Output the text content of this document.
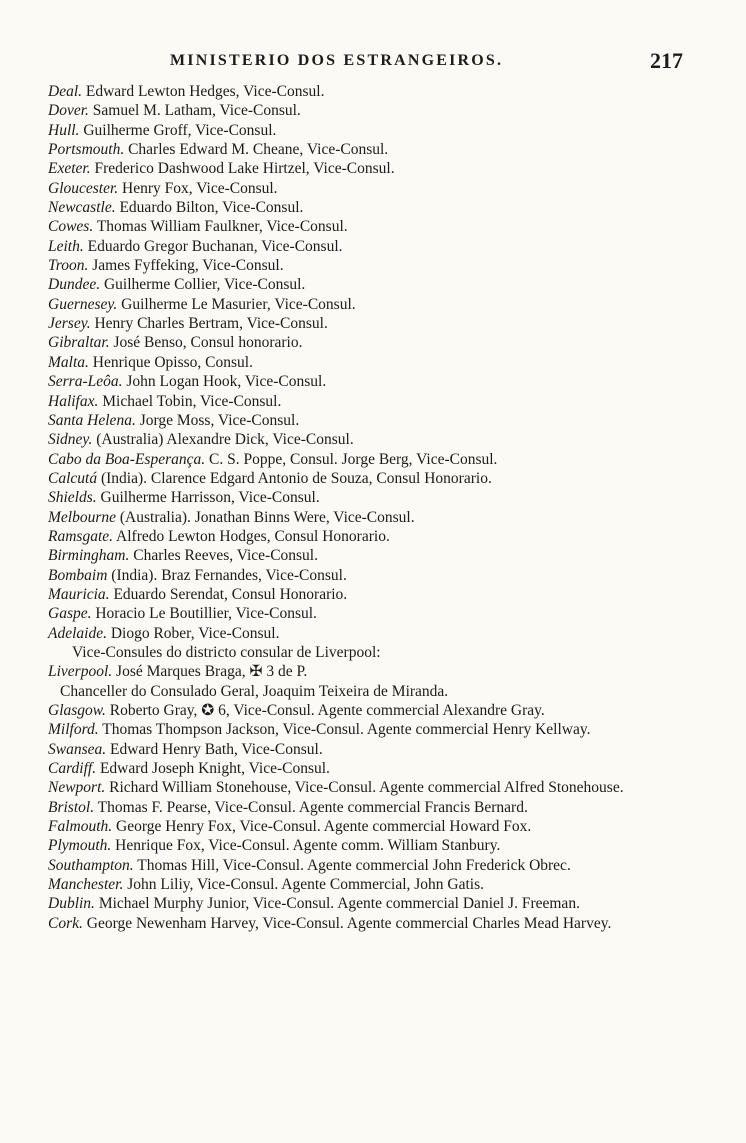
MINISTERIO DOS ESTRANGEIROS.	217
Deal. Edward Lewton Hedges, Vice-Consul.
Dover. Samuel M. Latham, Vice-Consul.
Hull. Guilherme Groff, Vice-Consul.
Portsmouth. Charles Edward M. Cheane, Vice-Consul.
Exeter. Frederico Dashwood Lake Hirtzel, Vice-Consul.
Gloucester. Henry Fox, Vice-Consul.
Newcastle. Eduardo Bilton, Vice-Consul.
Cowes. Thomas William Faulkner, Vice-Consul.
Leith. Eduardo Gregor Buchanan, Vice-Consul.
Troon. James Fyffeking, Vice-Consul.
Dundee. Guilherme Collier, Vice-Consul.
Guernesey. Guilherme Le Masurier, Vice-Consul.
Jersey. Henry Charles Bertram, Vice-Consul.
Gibraltar. José Benso, Consul honorario.
Malta. Henrique Opisso, Consul.
Serra-Leôa. John Logan Hook, Vice-Consul.
Halifax. Michael Tobin, Vice-Consul.
Santa Helena. Jorge Moss, Vice-Consul.
Sidney. (Australia) Alexandre Dick, Vice-Consul.
Cabo da Boa-Esperança. C. S. Poppe, Consul. Jorge Berg, Vice-Consul.
Calcutá (India). Clarence Edgard Antonio de Souza, Consul Honorario.
Shields. Guilherme Harrisson, Vice-Consul.
Melbourne (Australia). Jonathan Binns Were, Vice-Consul.
Ramsgate. Alfredo Lewton Hodges, Consul Honorario.
Birmingham. Charles Reeves, Vice-Consul.
Bombaim (India). Braz Fernandes, Vice-Consul.
Mauricia. Eduardo Serendat, Consul Honorario.
Gaspe. Horacio Le Boutillier, Vice-Consul.
Adelaide. Diogo Rober, Vice-Consul.
Vice-Consules do districto consular de Liverpool:
Liverpool. José Marques Braga, ✠ 3 de P.
Chanceller do Consulado Geral, Joaquim Teixeira de Miranda.
Glasgow. Roberto Gray, ✪ 6, Vice-Consul. Agente commercial Alexandre Gray.
Milford. Thomas Thompson Jackson, Vice-Consul. Agente commercial Henry Kellway.
Swansea. Edward Henry Bath, Vice-Consul.
Cardiff. Edward Joseph Knight, Vice-Consul.
Newport. Richard William Stonehouse, Vice-Consul. Agente commercial Alfred Stonehouse.
Bristol. Thomas F. Pearse, Vice-Consul. Agente commercial Francis Bernard.
Falmouth. George Henry Fox, Vice-Consul. Agente commercial Howard Fox.
Plymouth. Henrique Fox, Vice-Consul. Agente comm. William Stanbury.
Southampton. Thomas Hill, Vice-Consul. Agente commercial John Frederick Obrec.
Manchester. John Liliy, Vice-Consul. Agente Commercial, John Gatis.
Dublin. Michael Murphy Junior, Vice-Consul. Agente commercial Daniel J. Freeman.
Cork. George Newenham Harvey, Vice-Consul. Agente commercial Charles Mead Harvey.
